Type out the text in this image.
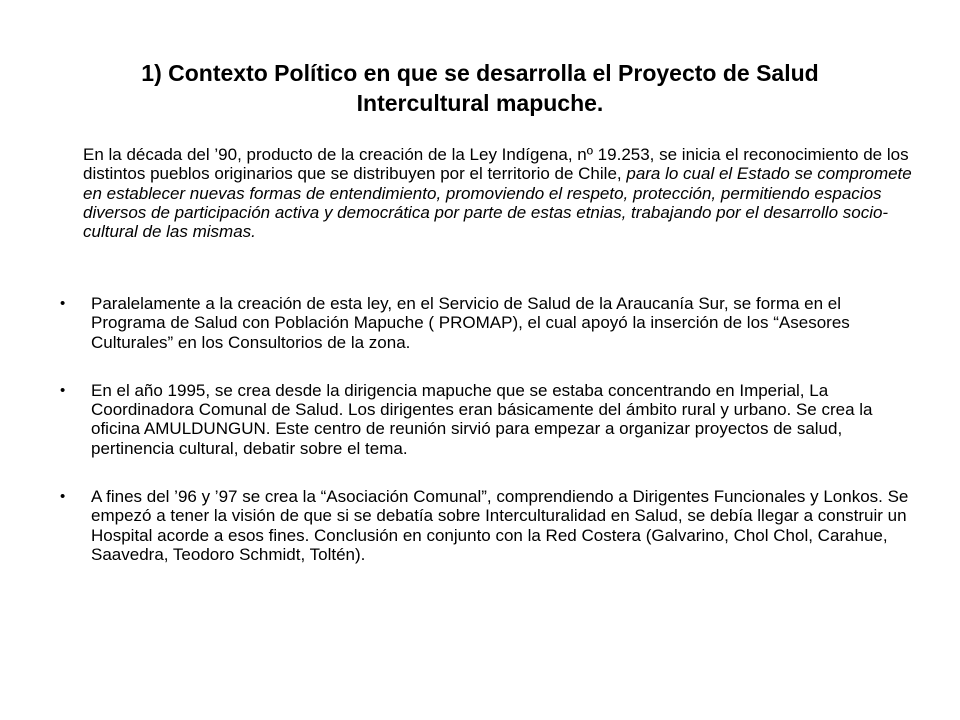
1) Contexto Político en que se desarrolla el Proyecto de Salud
Intercultural mapuche.
En la década del ’90, producto de la creación de la Ley Indígena, nº 19.253, se inicia el reconocimiento de los distintos pueblos originarios que se distribuyen por el territorio de Chile, para lo cual el Estado se compromete en establecer nuevas formas de entendimiento, promoviendo el respeto, protección, permitiendo espacios diversos de participación activa y democrática por parte de estas etnias, trabajando por el desarrollo socio-cultural de las mismas.
•	Paralelamente a la creación de esta ley, en el Servicio de Salud de la Araucanía Sur, se forma en el Programa de Salud con Población Mapuche ( PROMAP), el cual apoyó la inserción de los “Asesores Culturales” en los Consultorios de la zona.
•	En el año 1995, se crea desde la dirigencia mapuche que se estaba concentrando en Imperial, La Coordinadora Comunal de Salud. Los dirigentes eran básicamente del ámbito rural y urbano. Se crea la oficina AMULDUNGUN. Este centro de reunión sirvió para empezar a organizar proyectos de salud, pertinencia cultural, debatir sobre el tema.
•	A fines del ’96 y ’97 se crea la “Asociación Comunal”, comprendiendo a Dirigentes Funcionales y Lonkos. Se empezó a tener la visión de que si se debatía sobre Interculturalidad en Salud, se debía llegar a construir un Hospital acorde a esos fines. Conclusión en conjunto con la Red Costera (Galvarino, Chol Chol, Carahue, Saavedra, Teodoro Schmidt, Toltén).
